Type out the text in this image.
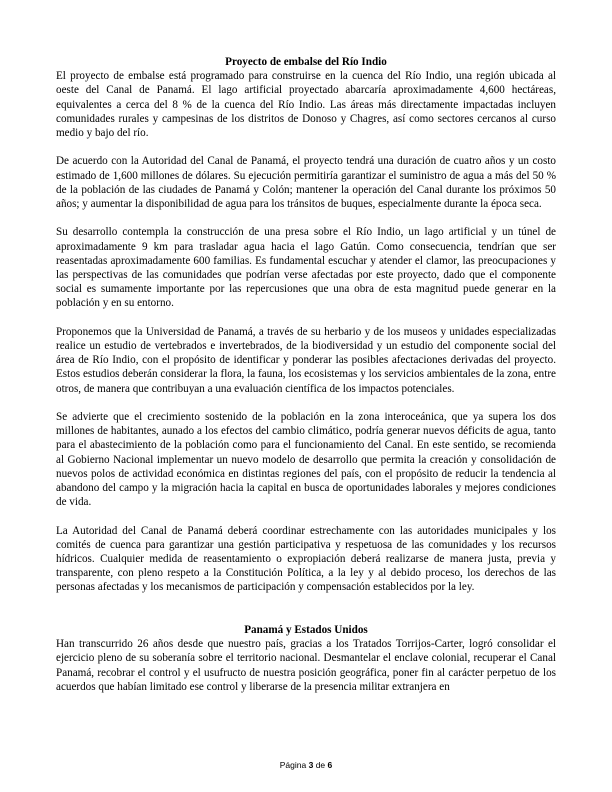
Proyecto de embalse del Río Indio

El proyecto de embalse está programado para construirse en la cuenca del Río Indio, una región ubicada al oeste del Canal de Panamá. El lago artificial proyectado abarcaría aproximadamente 4,600 hectáreas, equivalentes a cerca del 8 % de la cuenca del Río Indio. Las áreas más directamente impactadas incluyen comunidades rurales y campesinas de los distritos de Donoso y Chagres, así como sectores cercanos al curso medio y bajo del río.

De acuerdo con la Autoridad del Canal de Panamá, el proyecto tendrá una duración de cuatro años y un costo estimado de 1,600 millones de dólares. Su ejecución permitiría garantizar el suministro de agua a más del 50 % de la población de las ciudades de Panamá y Colón; mantener la operación del Canal durante los próximos 50 años; y aumentar la disponibilidad de agua para los tránsitos de buques, especialmente durante la época seca.

Su desarrollo contempla la construcción de una presa sobre el Río Indio, un lago artificial y un túnel de aproximadamente 9 km para trasladar agua hacia el lago Gatún. Como consecuencia, tendrían que ser reasentadas aproximadamente 600 familias. Es fundamental escuchar y atender el clamor, las preocupaciones y las perspectivas de las comunidades que podrían verse afectadas por este proyecto, dado que el componente social es sumamente importante por las repercusiones que una obra de esta magnitud puede generar en la población y en su entorno.

Proponemos que la Universidad de Panamá, a través de su herbario y de los museos y unidades especializadas realice un estudio de vertebrados e invertebrados, de la biodiversidad y un estudio del componente social del área de Río Indio, con el propósito de identificar y ponderar las posibles afectaciones derivadas del proyecto. Estos estudios deberán considerar la flora, la fauna, los ecosistemas y los servicios ambientales de la zona, entre otros, de manera que contribuyan a una evaluación científica de los impactos potenciales.

Se advierte que el crecimiento sostenido de la población en la zona interoceánica, que ya supera los dos millones de habitantes, aunado a los efectos del cambio climático, podría generar nuevos déficits de agua, tanto para el abastecimiento de la población como para el funcionamiento del Canal. En este sentido, se recomienda al Gobierno Nacional implementar un nuevo modelo de desarrollo que permita la creación y consolidación de nuevos polos de actividad económica en distintas regiones del país, con el propósito de reducir la tendencia al abandono del campo y la migración hacia la capital en busca de oportunidades laborales y mejores condiciones de vida.

La Autoridad del Canal de Panamá deberá coordinar estrechamente con las autoridades municipales y los comités de cuenca para garantizar una gestión participativa y respetuosa de las comunidades y los recursos hídricos. Cualquier medida de reasentamiento o expropiación deberá realizarse de manera justa, previa y transparente, con pleno respeto a la Constitución Política, a la ley y al debido proceso, los derechos de las personas afectadas y los mecanismos de participación y compensación establecidos por la ley.

Panamá y Estados Unidos

Han transcurrido 26 años desde que nuestro país, gracias a los Tratados Torrijos-Carter, logró consolidar el ejercicio pleno de su soberanía sobre el territorio nacional. Desmantelar el enclave colonial, recuperar el Canal Panamá, recobrar el control y el usufructo de nuestra posición geográfica, poner fin al carácter perpetuo de los acuerdos que habían limitado ese control y liberarse de la presencia militar extranjera en

Página 3 de 6
